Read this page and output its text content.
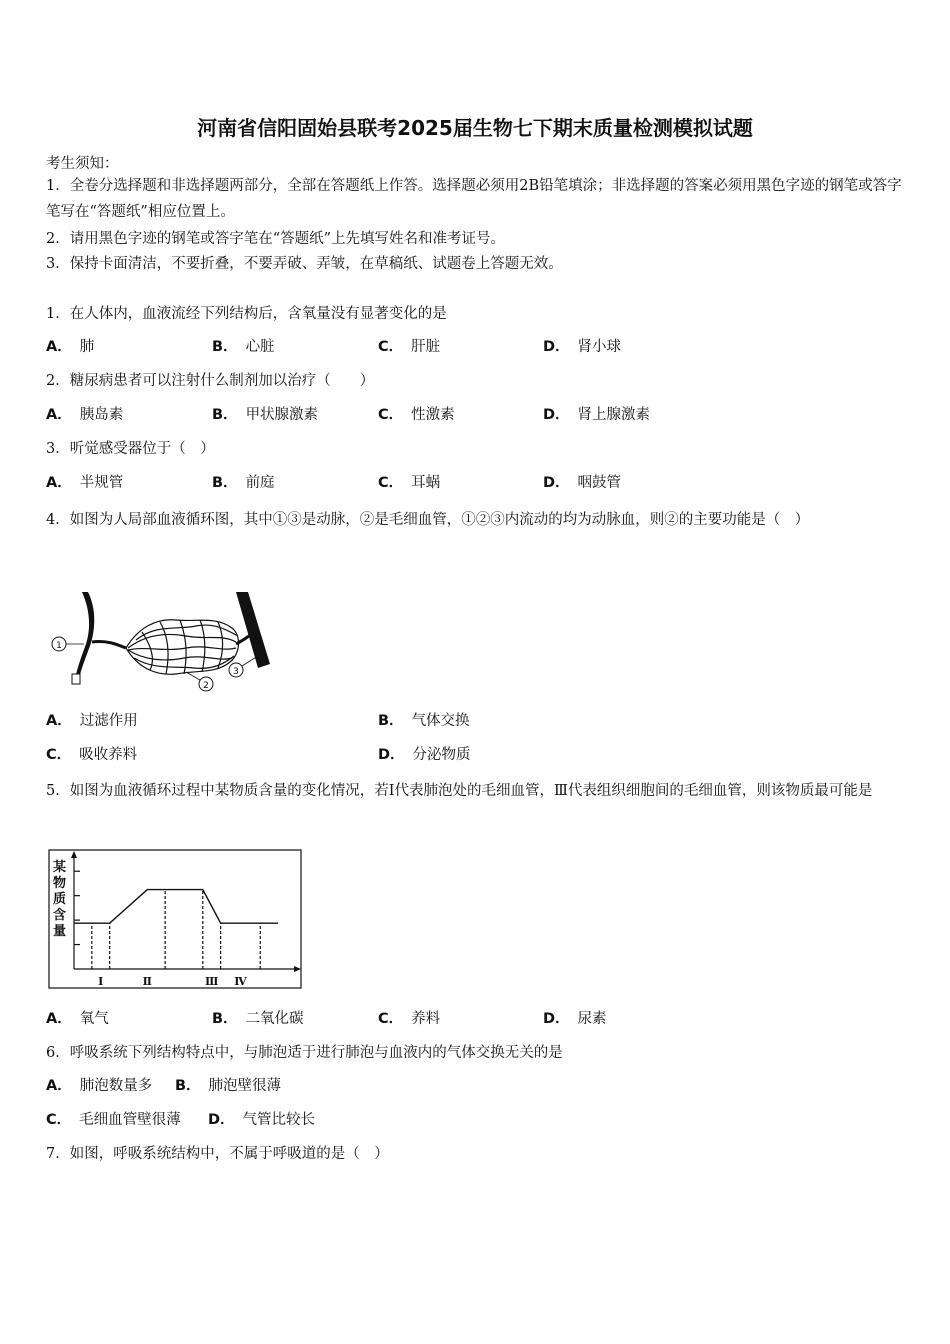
河南省信阳固始县联考2025届生物七下期末质量检测模拟试题
考生须知：
1．全卷分选择题和非选择题两部分，全部在答题纸上作答。选择题必须用2B铅笔填涂；非选择题的答案必须用黑色字迹的钢笔或答字笔写在“答题纸”相应位置上。
2．请用黑色字迹的钢笔或答字笔在“答题纸”上先填写姓名和准考证号。
3．保持卡面清洁，不要折叠，不要弄破、弄皱，在草稿纸、试题卷上答题无效。
1．在人体内，血液流经下列结构后，含氧量没有显著变化的是
A． 肺	B． 心脏	C． 肝脏	D． 肾小球
2．糖尿病患者可以注射什么制剂加以治疗（　　）
A． 胰岛素	B． 甲状腺激素	C． 性激素	D． 肾上腺激素
3．听觉感受器位于（　）
A． 半规管	B． 前庭	C． 耳蜗	D． 咽鼓管
4．如图为人局部血液循环图，其中①③是动脉，②是毛细血管，①②③内流动的均为动脉血，则②的主要功能是（　）
1
2
3
A． 过滤作用	B． 气体交换
C． 吸收养料	D． 分泌物质
5．如图为血液循环过程中某物质含量的变化情况，若Ⅰ代表肺泡处的毛细血管，Ⅲ代表组织细胞间的毛细血管，则该物质最可能是
某
物
质
含
量
Ⅰ	Ⅱ	Ⅲ Ⅳ
A． 氧气	B． 二氧化碳	C． 养料	D． 尿素
6．呼吸系统下列结构特点中，与肺泡适于进行肺泡与血液内的气体交换无关的是
A． 肺泡数量多 B． 肺泡壁很薄
C． 毛细血管壁很薄 D． 气管比较长
7．如图，呼吸系统结构中，不属于呼吸道的是（　）
